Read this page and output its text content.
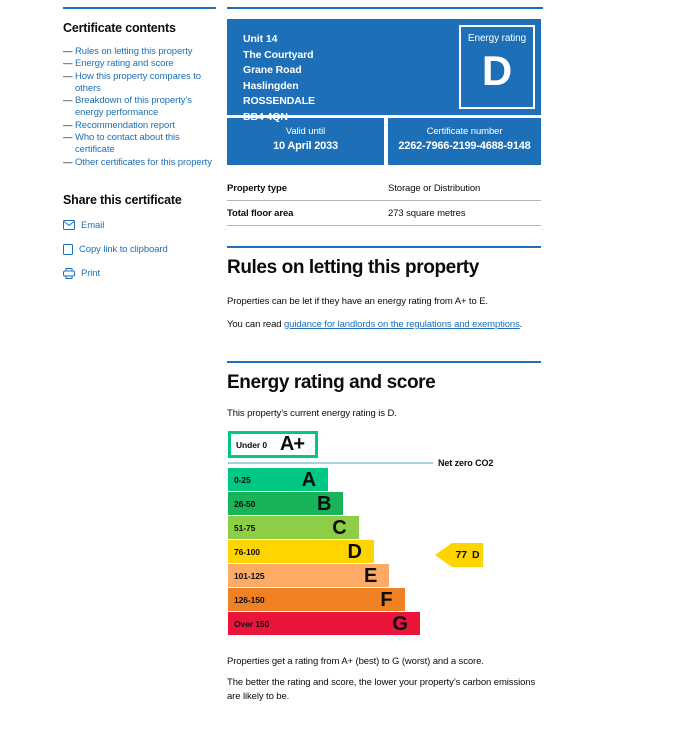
Certificate contents
— Rules on letting this property
— Energy rating and score
— How this property compares to others
— Breakdown of this property’s energy performance
— Recommendation report
— Who to contact about this certificate
— Other certificates for this property
Share this certificate
Email
Copy link to clipboard
Print
Unit 14
The Courtyard
Grane Road
Haslingden
ROSSENDALE
BB4 4QN
Energy rating
D
Valid until
10 April 2033
Certificate number
2262-7966-2199-4688-9148
Property type	Storage or Distribution
Total floor area	273 square metres
Rules on letting this property

Properties can be let if they have an energy rating from A+ to E.

You can read guidance for landlords on the regulations and exemptions.

Energy rating and score

This property’s current energy rating is D.

Under 0 A+
Net zero CO2
0-25	A
26-50	B
51-75	C
76-100	D
101-125	E
126-150	F
Over 150	G
77 D

Properties get a rating from A+ (best) to G (worst) and a score.

The better the rating and score, the lower your property’s carbon emissions are likely to be.
